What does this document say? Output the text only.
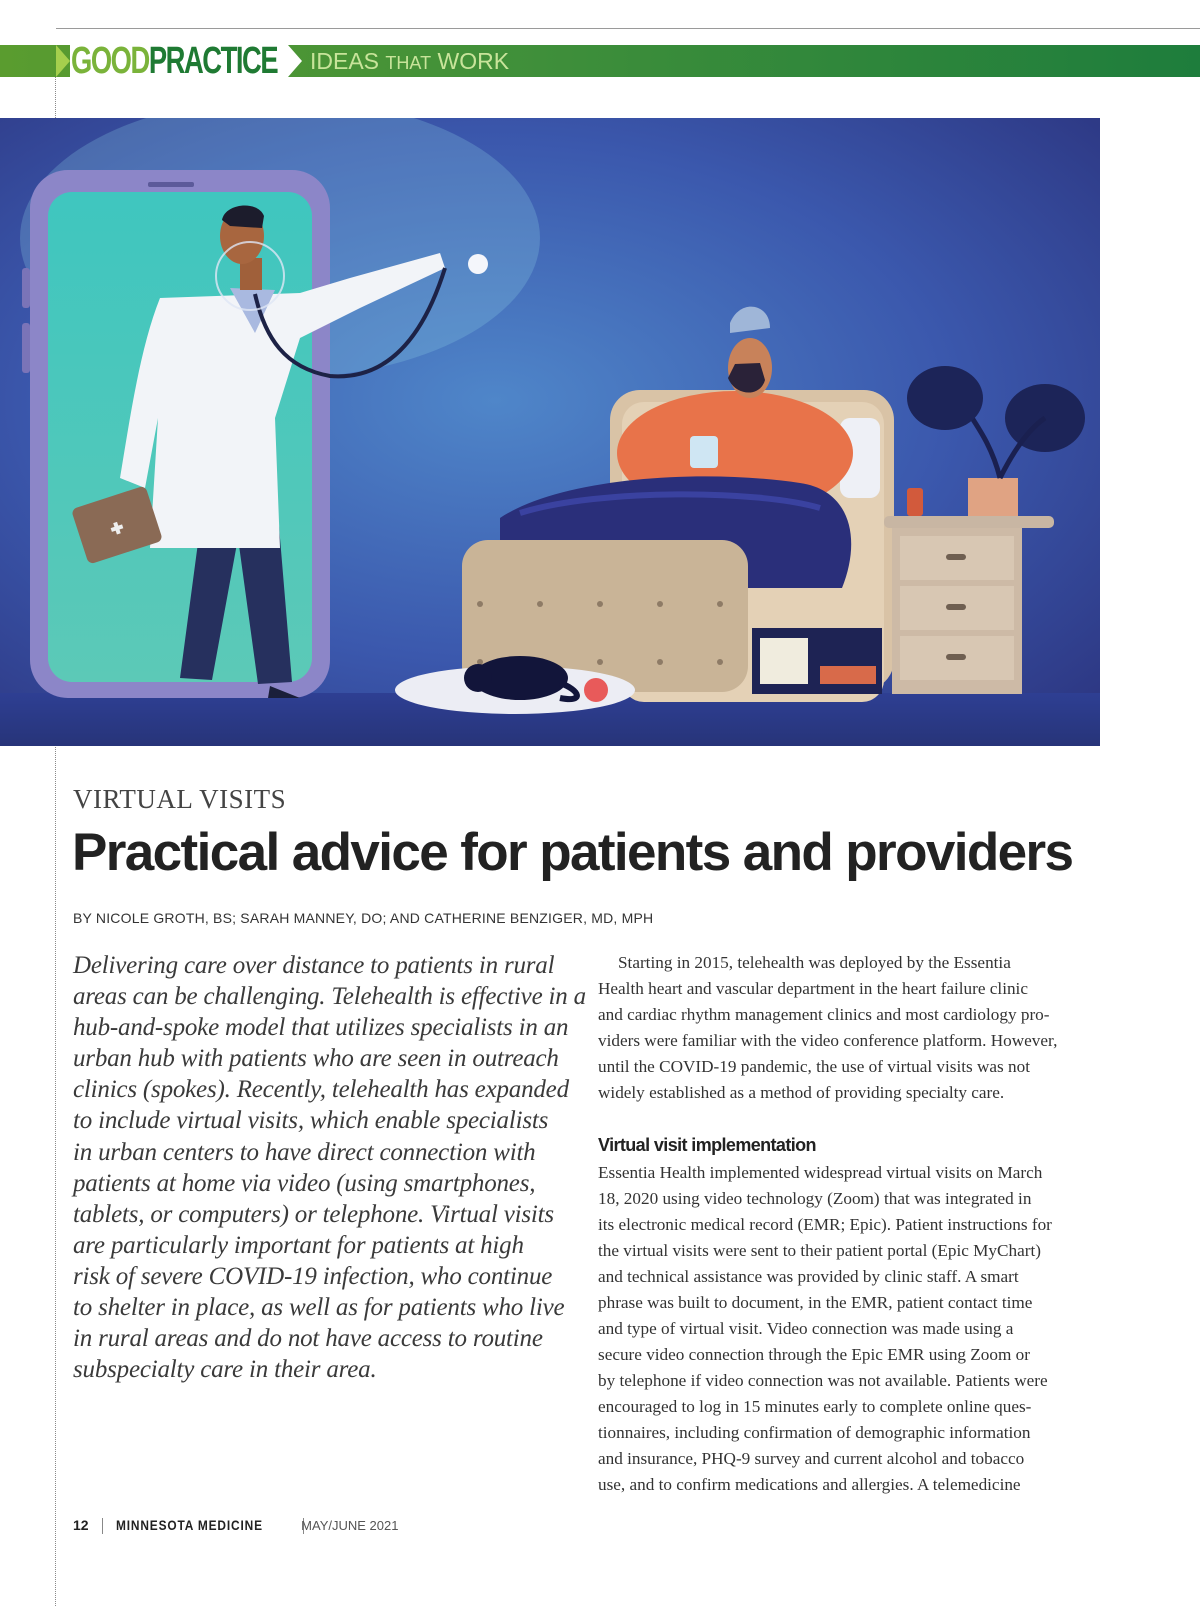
GOODPRACTICE IDEAS THAT WORK
VIRTUAL VISITS
Practical advice for patients and providers
BY NICOLE GROTH, BS; SARAH MANNEY, DO; AND CATHERINE BENZIGER, MD, MPH
Delivering care over distance to patients in rural
areas can be challenging. Telehealth is effective in a
hub-and-spoke model that utilizes specialists in an
urban hub with patients who are seen in outreach
clinics (spokes). Recently, telehealth has expanded
to include virtual visits, which enable specialists
in urban centers to have direct connection with
patients at home via video (using smartphones,
tablets, or computers) or telephone. Virtual visits
are particularly important for patients at high
risk of severe COVID-19 infection, who continue
to shelter in place, as well as for patients who live
in rural areas and do not have access to routine
subspecialty care in their area.
Starting in 2015, telehealth was deployed by the Essentia
Health heart and vascular department in the heart failure clinic
and cardiac rhythm management clinics and most cardiology pro-
viders were familiar with the video conference platform. However,
until the COVID-19 pandemic, the use of virtual visits was not
widely established as a method of providing specialty care.
Virtual visit implementation
Essentia Health implemented widespread virtual visits on March
18, 2020 using video technology (Zoom) that was integrated in
its electronic medical record (EMR; Epic). Patient instructions for
the virtual visits were sent to their patient portal (Epic MyChart)
and technical assistance was provided by clinic staff. A smart
phrase was built to document, in the EMR, patient contact time
and type of virtual visit. Video connection was made using a
secure video connection through the Epic EMR using Zoom or
by telephone if video connection was not available. Patients were
encouraged to log in 15 minutes early to complete online ques-
tionnaires, including confirmation of demographic information
and insurance, PHQ-9 survey and current alcohol and tobacco
use, and to confirm medications and allergies. A telemedicine
12 MINNESOTA MEDICINE	MAY/JUNE 2021
